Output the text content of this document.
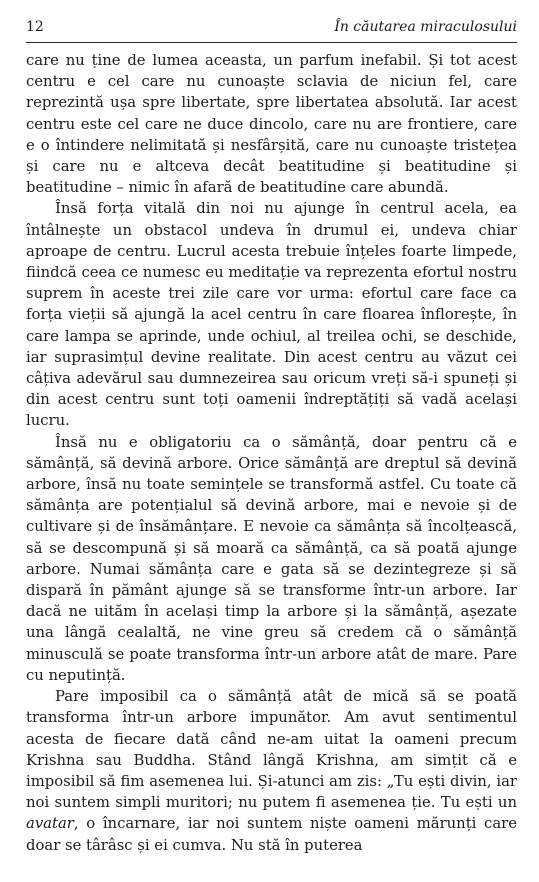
12	În căutarea miraculosului

care nu ține de lumea aceasta, un parfum inefabil. Și tot acest centru e cel care nu cunoaște sclavia de niciun fel, care reprezintă ușa spre libertate, spre libertatea absolută. Iar acest centru este cel care ne duce dincolo, care nu are frontiere, care e o întindere nelimitată și nesfârșită, care nu cunoaște tristețea și care nu e altceva decât beatitudine și beatitudine și beatitudine – nimic în afară de beatitudine care abundă.

Însă forța vitală din noi nu ajunge în centrul acela, ea întâlnește un obstacol undeva în drumul ei, undeva chiar aproape de centru. Lucrul acesta trebuie înțeles foarte limpede, fiindcă ceea ce numesc eu meditație va reprezenta efortul nostru suprem în aceste trei zile care vor urma: efortul care face ca forța vieții să ajungă la acel centru în care floarea înflorește, în care lampa se aprinde, unde ochiul, al treilea ochi, se deschide, iar suprasimțul devine realitate. Din acest centru au văzut cei câțiva adevărul sau dumnezeirea sau oricum vreți să-i spuneți și din acest centru sunt toți oamenii îndreptățiți să vadă același lucru.

Însă nu e obligatoriu ca o sămânță, doar pentru că e sămânță, să devină arbore. Orice sămânță are dreptul să devină arbore, însă nu toate semințele se transformă astfel. Cu toate că sămânța are potențialul să devină arbore, mai e nevoie și de cultivare și de însămânțare. E nevoie ca sămânța să încolțească, să se descompună și să moară ca sămânță, ca să poată ajunge arbore. Numai sămânța care e gata să se dezintegreze și să dispară în pământ ajunge să se transforme într-un arbore. Iar dacă ne uităm în același timp la arbore și la sămânță, așezate una lângă cealaltă, ne vine greu să credem că o sămânță minusculă se poate transforma într-un arbore atât de mare. Pare cu neputință.

Pare imposibil ca o sămânță atât de mică să se poată transforma într-un arbore impunător. Am avut sentimentul acesta de fiecare dată când ne-am uitat la oameni precum Krishna sau Buddha. Stând lângă Krishna, am simțit că e imposibil să fim asemenea lui. Și-atunci am zis: „Tu ești divin, iar noi suntem simpli muritori; nu putem fi asemenea ție. Tu ești un avatar, o încarnare, iar noi suntem niște oameni mărunți care doar se târâsc și ei cumva. Nu stă în puterea
